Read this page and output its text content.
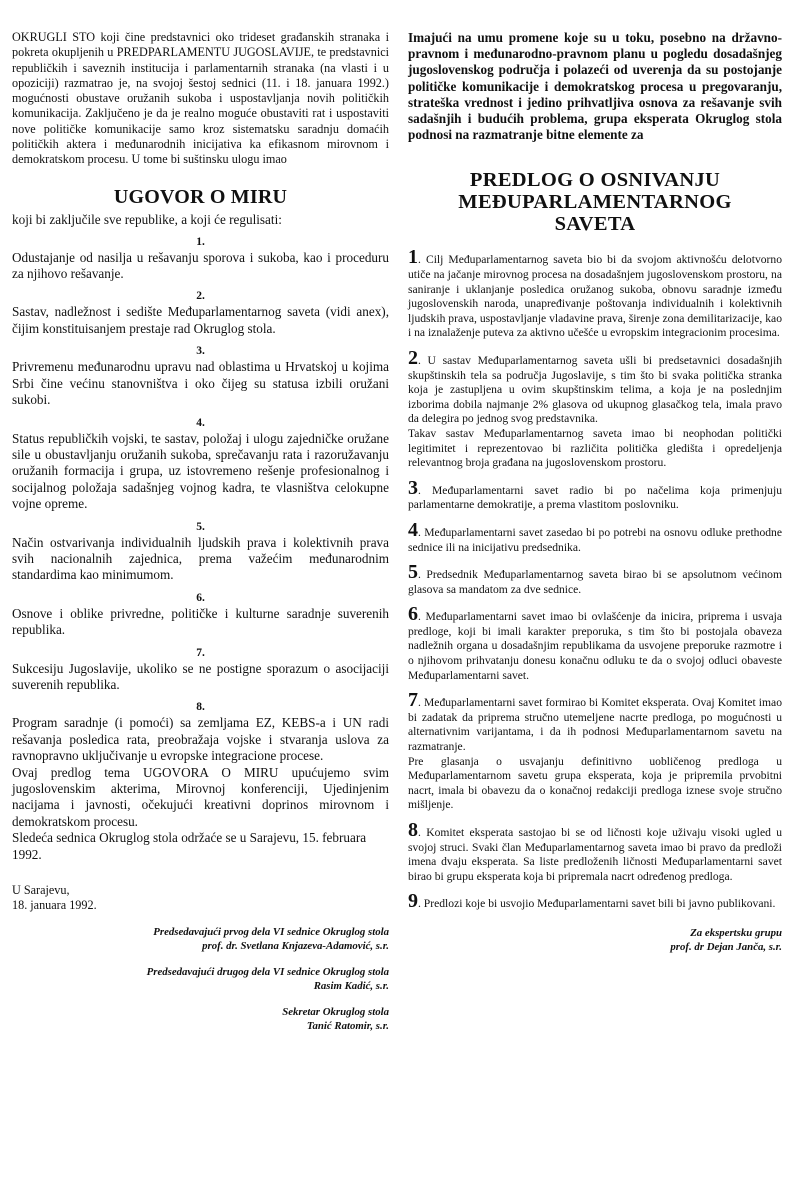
OKRUGLI STO koji čine predstavnici oko trideset građanskih stranaka i pokreta okupljenih u PREDPARLAMENTU JUGOSLAVIJE, te predstavnici republičkih i saveznih institucija i parlamentarnih stranaka (na vlasti i u opoziciji) razmatrao je, na svojoj šestoj sednici (11. i 18. januara 1992.) mogućnosti obustave oružanih sukoba i uspostavljanja novih političkih komunikacija. Zaključeno je da je realno moguće obustaviti rat i uspostaviti nove političke komunikacije samo kroz sistematsku saradnju domaćih političkih aktera i međunarodnih inicijativa ka efikasnom mirovnom i demokratskom procesu. U tome bi suštinsku ulogu imao

UGOVOR O MIRU

koji bi zaključile sve republike, a koji će regulisati:

1.

Odustajanje od nasilja u rešavanju sporova i sukoba, kao i proceduru za njihovo rešavanje.

2.

Sastav, nadležnost i sedište Međuparlamentarnog saveta (vidi anex), čijim konstituisanjem prestaje rad Okruglog stola.

3.

Privremenu međunarodnu upravu nad oblastima u Hrvatskoj u kojima Srbi čine većinu stanovništva i oko čijeg su statusa izbili oružani sukobi.

4.

Status republičkih vojski, te sastav, položaj i ulogu zajedničke oružane sile u obustavljanju oružanih sukoba, sprečavanju rata i razoružavanju oružanih formacija i grupa, uz istovremeno rešenje profesionalnog i socijalnog položaja sadašnjeg vojnog kadra, te vlasništva celokupne vojne opreme.

5.

Način ostvarivanja individualnih ljudskih prava i kolektivnih prava svih nacionalnih zajednica, prema važećim međunarodnim standardima kao minimumom.

6.

Osnove i oblike privredne, političke i kulturne saradnje suverenih republika.

7.

Sukcesiju Jugoslavije, ukoliko se ne postigne sporazum o asocijaciji suverenih republika.

8.

Program saradnje (i pomoći) sa zemljama EZ, KEBS-a i UN radi rešavanja posledica rata, preobražaja vojske i stvaranja uslova za ravnopravno uključivanje u evropske integracione procese.

Ovaj predlog tema UGOVORA O MIRU upućujemo svim jugoslovenskim akterima, Mirovnoj konferenciji, Ujedinjenim nacijama i javnosti, očekujući kreativni doprinos mirovnom i demokratskom procesu.

Sledeća sednica Okruglog stola održaće se u Sarajevu, 15. februara 1992.

U Sarajevu,

18. januara 1992.

Predsedavajući prvog dela VI sednice Okruglog stola

prof. dr. Svetlana Knjazeva-Adamović, s.r.

Predsedavajući drugog dela VI sednice Okruglog stola

Rasim Kadić, s.r.

Sekretar Okruglog stola

Tanić Ratomir, s.r.

Imajući na umu promene koje su u toku, posebno na državno-pravnom i međunarodno-pravnom planu u pogledu dosadašnjeg jugoslovenskog područja i polazeći od uverenja da su postojanje političke komunikacije i demokratskog procesa u pregovaranju, strateška vrednost i jedino prihvatljiva osnova za rešavanje svih sadašnjih i budućih problema, grupa eksperata Okruglog stola podnosi na razmatranje bitne elemente za

PREDLOG O OSNIVANJU
MEĐUPARLAMENTARNOG
SAVETA
1. Cilj Međuparlamentarnog saveta bio bi da svojom aktivnošću delotvorno utiče na jačanje mirovnog procesa na dosadašnjem jugoslovenskom prostoru, na saniranje i uklanjanje posledica oružanog sukoba, obnovu saradnje između jugoslovenskih naroda, unapređivanje poštovanja individualnih i kolektivnih ljudskih prava, uspostavljanje vladavine prava, širenje zona demilitarizacije, kao i na iznalaženje puteva za aktivno učešće u evropskim integracionim procesima.
2. U sastav Međuparlamentarnog saveta ušli bi predsetavnici dosadašnjih skupštinskih tela sa područja Jugoslavije, s tim što bi svaka politička stranka koja je zastupljena u ovim skupštinskim telima, a koja je na poslednjim izborima dobila najmanje 2% glasova od ukupnog glasačkog tela, imala pravo da delegira po jednog svog predstavnika.
Takav sastav Međuparlamentarnog saveta imao bi neophodan politički legitimitet i reprezentovao bi različita politička gledišta i opredeljenja relevantnog broja građana na jugoslovenskom prostoru.
3. Međuparlamentarni savet radio bi po načelima koja primenjuju parlamentarne demokratije, a prema vlastitom poslovniku.
4. Međuparlamentarni savet zasedao bi po potrebi na osnovu odluke prethodne sednice ili na inicijativu predsednika.
5. Predsednik Međuparlamentarnog saveta birao bi se apsolutnom većinom glasova sa mandatom za dve sednice.
6. Međuparlamentarni savet imao bi ovlašćenje da inicira, priprema i usvaja predloge, koji bi imali karakter preporuka, s tim što bi postojala obaveza nadležnih organa u dosadašnjim republikama da usvojene preporuke razmotre i o njihovom prihvatanju donesu konačnu odluku te da o svojoj odluci obaveste Međuparlamentarni savet.
7. Međuparlamentarni savet formirao bi Komitet eksperata. Ovaj Komitet imao bi zadatak da priprema stručno utemeljene nacrte predloga, po mogućnosti u alternativnim varijantama, i da ih podnosi Međuparlamentarnom savetu na razmatranje.
Pre glasanja o usvajanju definitivno uobličenog predloga u Međuparlamentarnom savetu grupa eksperata, koja je pripremila prvobitni nacrt, imala bi obavezu da o konačnoj redakciji predloga iznese svoje stručno mišljenje.
8. Komitet eksperata sastojao bi se od ličnosti koje uživaju visoki ugled u svojoj struci. Svaki član Međuparlamentarnog saveta imao bi pravo da predloži imena dvaju eksperata. Sa liste predloženih ličnosti Međuparlamentarni savet birao bi grupu eksperata koja bi pripremala nacrt određenog predloga.
9. Predlozi koje bi usvojio Međuparlamentarni savet bili bi javno publikovani.

Za ekspertsku grupu

prof. dr Dejan Janča, s.r.
